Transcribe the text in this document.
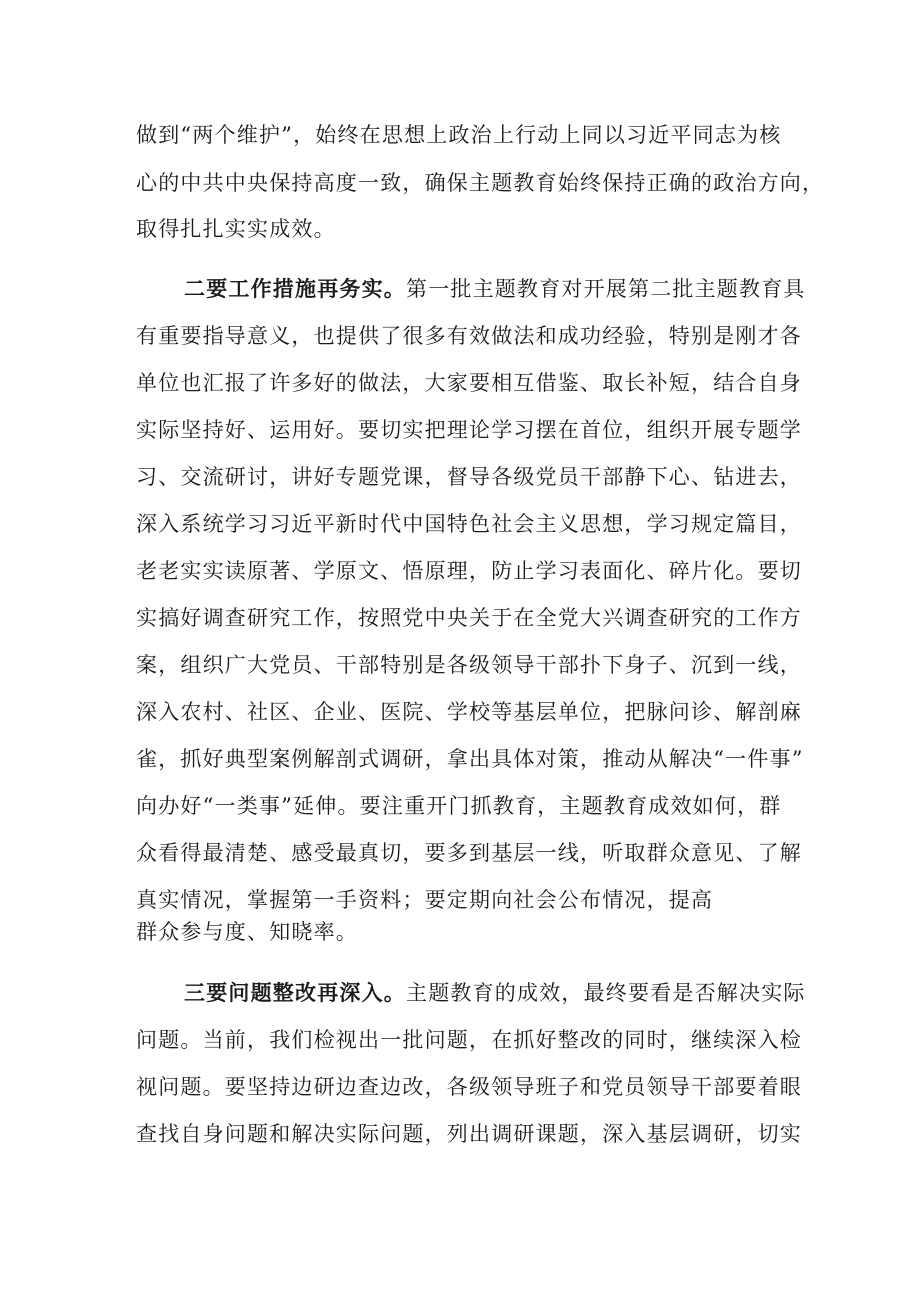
做到“两个维护”，始终在思想上政治上行动上同以习近平同志为核
心的中共中央保持高度一致，确保主题教育始终保持正确的政治方向，
取得扎扎实实成效。
二要工作措施再务实。第一批主题教育对开展第二批主题教育具
有重要指导意义，也提供了很多有效做法和成功经验，特别是刚才各
单位也汇报了许多好的做法，大家要相互借鉴、取长补短，结合自身
实际坚持好、运用好。要切实把理论学习摆在首位，组织开展专题学
习、交流研讨，讲好专题党课，督导各级党员干部静下心、钻进去，
深入系统学习习近平新时代中国特色社会主义思想，学习规定篇目，
老老实实读原著、学原文、悟原理，防止学习表面化、碎片化。要切
实搞好调查研究工作，按照党中央关于在全党大兴调查研究的工作方
案，组织广大党员、干部特别是各级领导干部扑下身子、沉到一线，
深入农村、社区、企业、医院、学校等基层单位，把脉问诊、解剖麻
雀，抓好典型案例解剖式调研，拿出具体对策，推动从解决“一件事”
向办好“一类事”延伸。要注重开门抓教育，主题教育成效如何，群
众看得最清楚、感受最真切，要多到基层一线，听取群众意见、了解
真实情况，掌握第一手资料；要定期向社会公布情况，提高
群众参与度、知晓率。
三要问题整改再深入。主题教育的成效，最终要看是否解决实际
问题。当前，我们检视出一批问题，在抓好整改的同时，继续深入检
视问题。要坚持边研边查边改，各级领导班子和党员领导干部要着眼
查找自身问题和解决实际问题，列出调研课题，深入基层调研，切实
